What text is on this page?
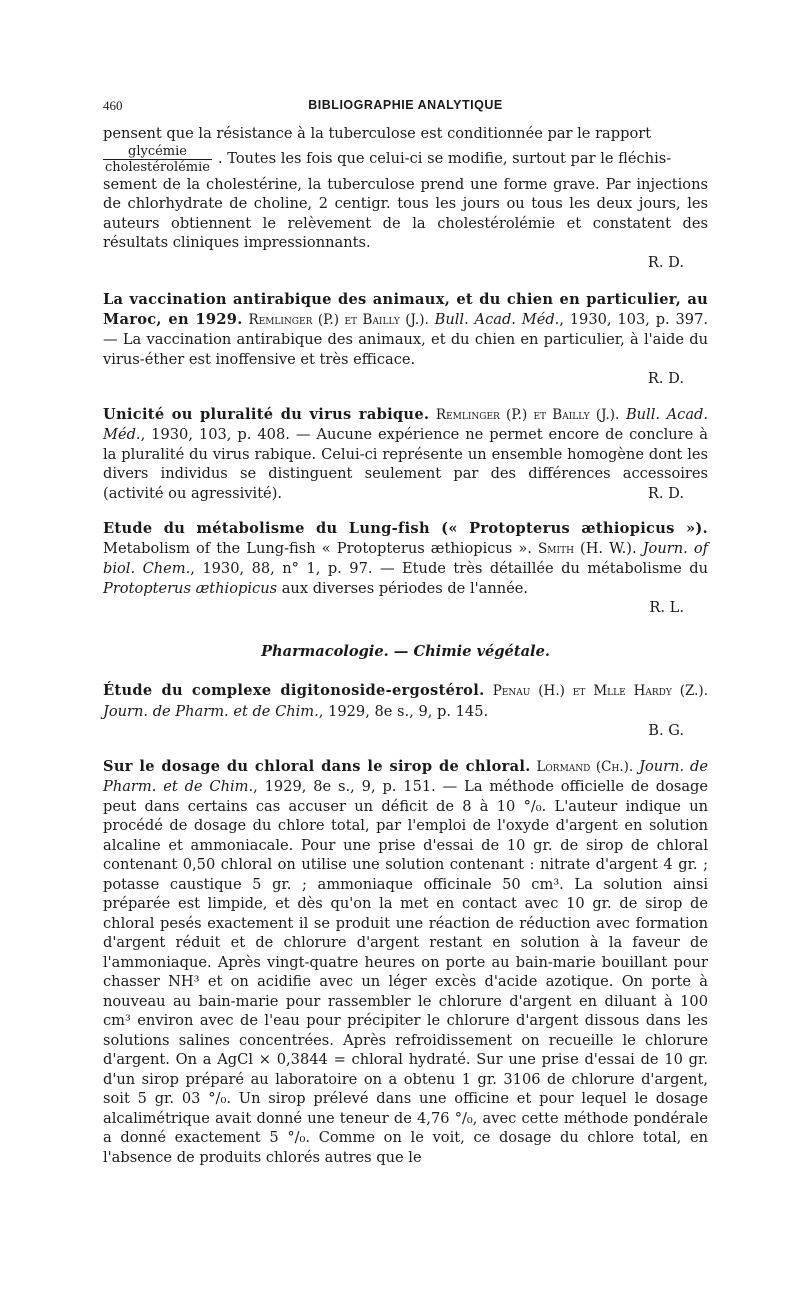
460	BIBLIOGRAPHIE ANALYTIQUE

pensent que la résistance à la tuberculose est conditionnée par le rapport

$\frac{\text{glycémie}}{\text{cholestérolémie}}$ . Toutes les fois que celui-ci se modifie, surtout par le fléchis-

sement de la cholestérine, la tuberculose prend une forme grave. Par injections de chlorhydrate de choline, 2 centigr. tous les jours ou tous les deux jours, les auteurs obtiennent le relèvement de la cholestérolémie et constatent des résultats cliniques impressionnants.

R. D.

La vaccination antirabique des animaux, et du chien en particulier, au Maroc, en 1929. Remlinger (P.) et Bailly (J.). Bull. Acad. Méd., 1930, 103, p. 397. — La vaccination antirabique des animaux, et du chien en particulier, à l'aide du virus-éther est inoffensive et très efficace.

R. D.

Unicité ou pluralité du virus rabique. Remlinger (P.) et Bailly (J.). Bull. Acad. Méd., 1930, 103, p. 408. — Aucune expérience ne permet encore de conclure à la pluralité du virus rabique. Celui-ci représente un ensemble homogène dont les divers individus se distinguent seulement par des différences accessoires (activité ou agressivité).	R. D.

Etude du métabolisme du Lung-fish (« Protopterus æthiopicus »). Metabolism of the Lung-fish « Protopterus æthiopicus ». Smith (H. W.). Journ. of biol. Chem., 1930, 88, n° 1, p. 97. — Etude très détaillée du métabolisme du Protopterus æthiopicus aux diverses périodes de l'année.

R. L.

Pharmacologie. — Chimie végétale.

Étude du complexe digitonoside-ergostérol. Penau (H.) et Mlle Hardy (Z.). Journ. de Pharm. et de Chim., 1929, 8e s., 9, p. 145.

B. G.

Sur le dosage du chloral dans le sirop de chloral. Lormand (Ch.). Journ. de Pharm. et de Chim., 1929, 8e s., 9, p. 151. — La méthode officielle de dosage peut dans certains cas accuser un déficit de 8 à 10 °/₀. L'auteur indique un procédé de dosage du chlore total, par l'emploi de l'oxyde d'argent en solution alcaline et ammoniacale. Pour une prise d'essai de 10 gr. de sirop de chloral contenant 0,50 chloral on utilise une solution contenant : nitrate d'argent 4 gr. ; potasse caustique 5 gr. ; ammoniaque officinale 50 cm³. La solution ainsi préparée est limpide, et dès qu'on la met en contact avec 10 gr. de sirop de chloral pesés exactement il se produit une réaction de réduction avec formation d'argent réduit et de chlorure d'argent restant en solution à la faveur de l'ammoniaque. Après vingt-quatre heures on porte au bain-marie bouillant pour chasser NH³ et on acidifie avec un léger excès d'acide azotique. On porte à nouveau au bain-marie pour rassembler le chlorure d'argent en diluant à 100 cm³ environ avec de l'eau pour précipiter le chlorure d'argent dissous dans les solutions salines concentrées. Après refroidissement on recueille le chlorure d'argent. On a AgCl × 0,3844 = chloral hydraté. Sur une prise d'essai de 10 gr. d'un sirop préparé au laboratoire on a obtenu 1 gr. 3106 de chlorure d'argent, soit 5 gr. 03 °/₀. Un sirop prélevé dans une officine et pour lequel le dosage alcalimétrique avait donné une teneur de 4,76 °/₀, avec cette méthode pondérale a donné exactement 5 °/₀. Comme on le voit, ce dosage du chlore total, en l'absence de produits chlorés autres que le
